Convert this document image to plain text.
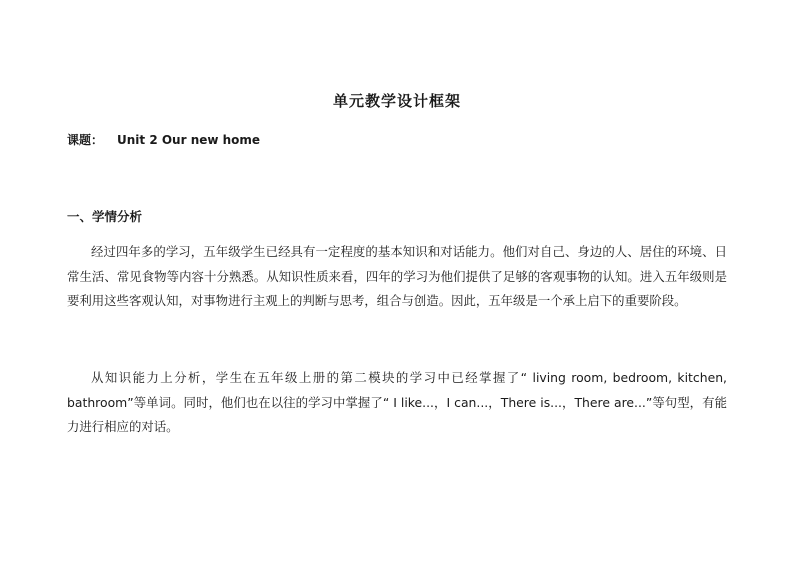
单元教学设计框架
课题： Unit 2 Our new home
一、学情分析

经过四年多的学习，五年级学生已经具有一定程度的基本知识和对话能力。他们对自己、身边的人、居住的环境、日常生活、常见食物等内容十分熟悉。从知识性质来看，四年的学习为他们提供了足够的客观事物的认知。进入五年级则是要利用这些客观认知，对事物进行主观上的判断与思考，组合与创造。因此，五年级是一个承上启下的重要阶段。

从知识能力上分析，学生在五年级上册的第二模块的学习中已经掌握了“ living room, bedroom, kitchen, bathroom”等单词。同时，他们也在以往的学习中掌握了“ I like...，I can...，There is...，There are...”等句型，有能力进行相应的对话。
